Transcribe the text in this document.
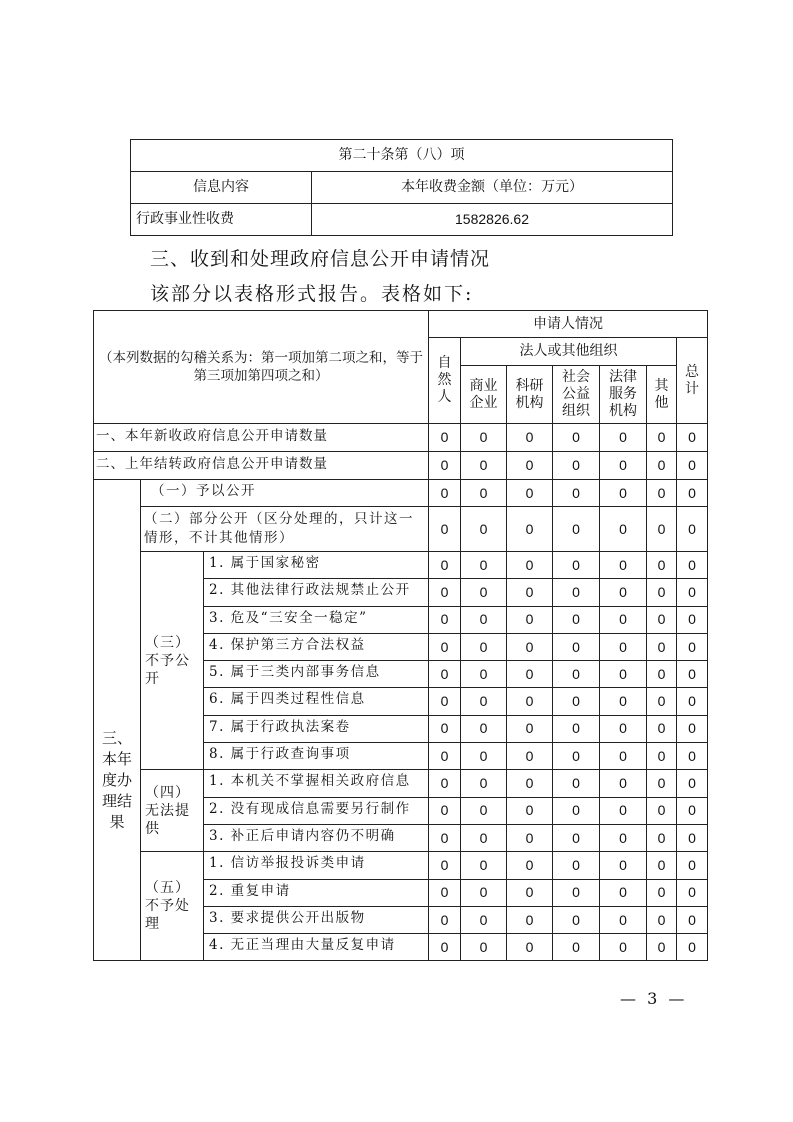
第二十条第（八）项	
信息内容	本年收费金额（单位：万元）
行政事业性收费	1582826.62
三、收到和处理政府信息公开申请情况
该部分以表格形式报告。表格如下:
（本列数据的勾稽关系为：第一项加第二项之和，等于第三项加第四项之和）			申请人情况						
			自然人	法人或其他组织					总计
				商业企业	科研机构	社会公益组织	法律服务机构	其他	
一、本年新收政府信息公开申请数量			0	0	0	0	0	0	0
二、上年结转政府信息公开申请数量			0	0	0	0	0	0	0
三、本年度办理结果	（一）予以公开		0	0	0	0	0	0	0
	（二）部分公开（区分处理的，只计这一情形，不计其他情形）		0	0	0	0	0	0	0
	（三）不予公开	1. 属于国家秘密	0	0	0	0	0	0	0
		2. 其他法律行政法规禁止公开	0	0	0	0	0	0	0
		3. 危及“三安全一稳定”	0	0	0	0	0	0	0
		4. 保护第三方合法权益	0	0	0	0	0	0	0
		5. 属于三类内部事务信息	0	0	0	0	0	0	0
		6. 属于四类过程性信息	0	0	0	0	0	0	0
		7. 属于行政执法案卷	0	0	0	0	0	0	0
		8. 属于行政查询事项	0	0	0	0	0	0	0
	（四）无法提供	1. 本机关不掌握相关政府信息	0	0	0	0	0	0	0
		2. 没有现成信息需要另行制作	0	0	0	0	0	0	0
		3. 补正后申请内容仍不明确	0	0	0	0	0	0	0
	（五）不予处理	1. 信访举报投诉类申请	0	0	0	0	0	0	0
		2. 重复申请	0	0	0	0	0	0	0
		3. 要求提供公开出版物	0	0	0	0	0	0	0
		4. 无正当理由大量反复申请	0	0	0	0	0	0	0
— 3 —
